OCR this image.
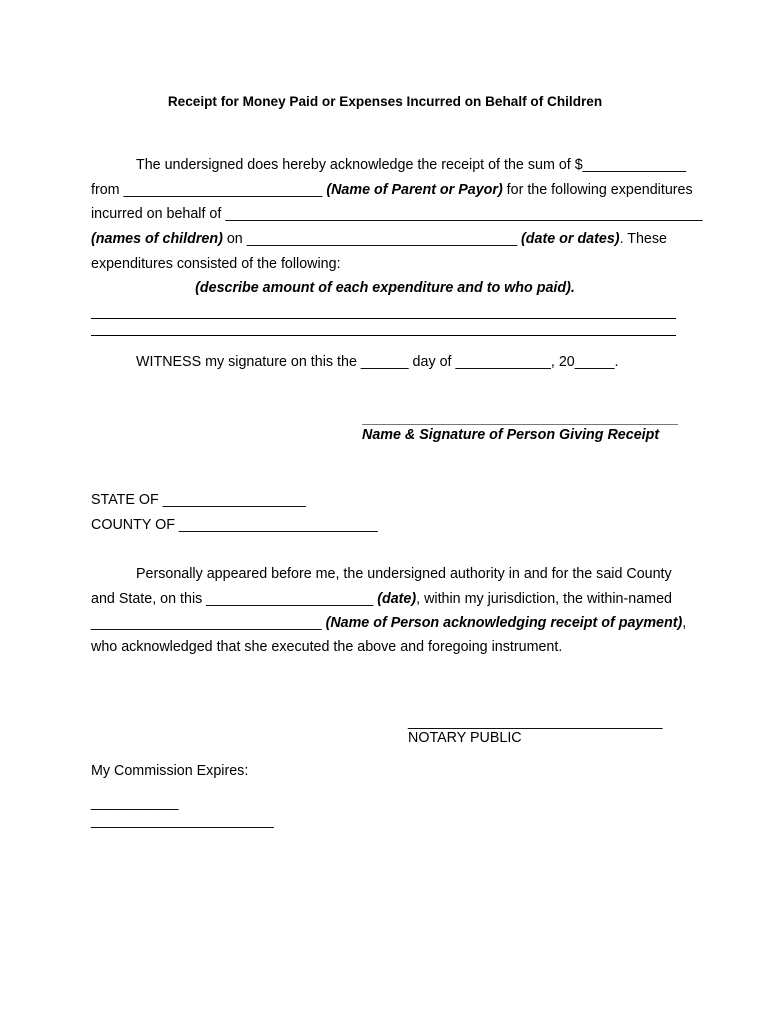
Receipt for Money Paid or Expenses Incurred on Behalf of Children
The undersigned does hereby acknowledge the receipt of the sum of $_____________
from _________________________ (Name of Parent or Payor) for the following expenditures
incurred on behalf of ____________________________________________________________
(names of children) on __________________________________ (date or dates). These
expenditures consisted of the following:
(describe amount of each expenditure and to who paid).
WITNESS my signature on this the ______ day of ____________, 20_____.
Name & Signature of Person Giving Receipt
STATE OF __________________
COUNTY OF _________________________
Personally appeared before me, the undersigned authority in and for the said County
and State, on this _____________________ (date), within my jurisdiction, the within-named
_____________________________ (Name of Person acknowledging receipt of payment),
who acknowledged that she executed the above and foregoing instrument.
________________________________
NOTARY PUBLIC
My Commission Expires:
___________
_______________________
